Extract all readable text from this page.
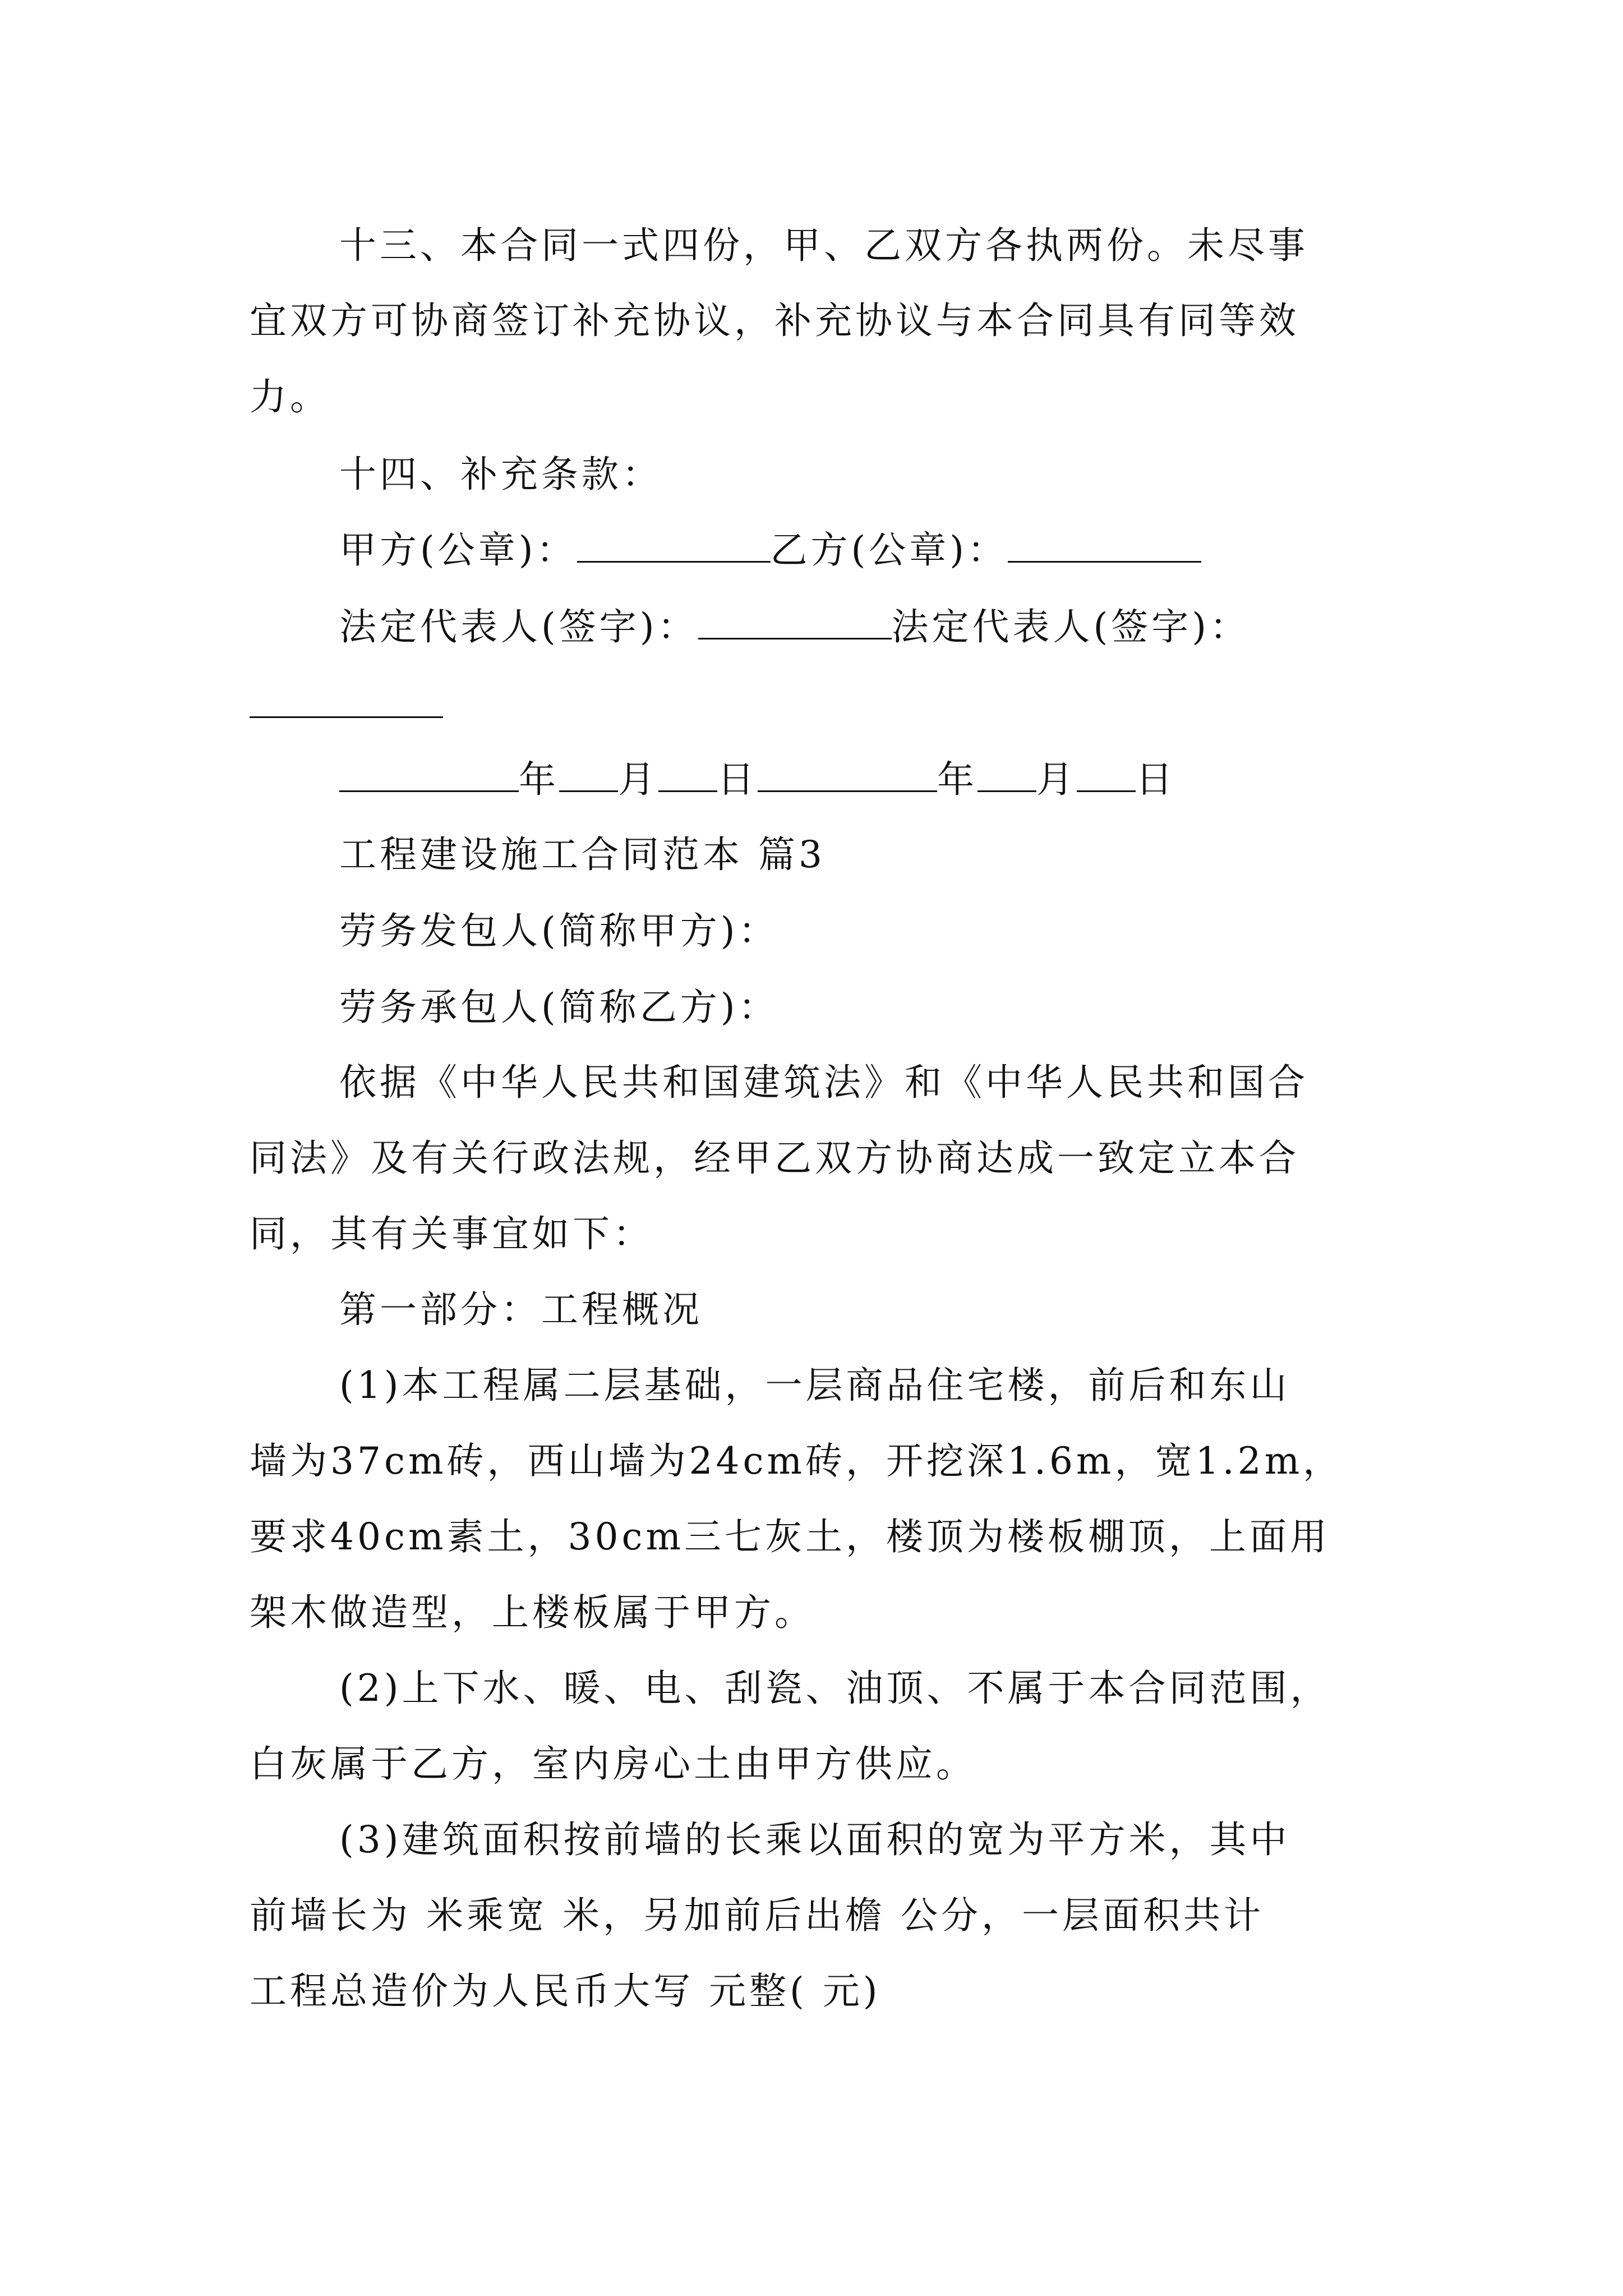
十三、本合同一式四份，甲、乙双方各执两份。未尽事
宜双方可协商签订补充协议，补充协议与本合同具有同等效
力。
十四、补充条款：
甲方(公章)：	乙方(公章)：
法定代表人(签字)：	法定代表人(签字)：
年 月 日	年 月 日
工程建设施工合同范本 篇3
劳务发包人(简称甲方)：
劳务承包人(简称乙方)：
依据《中华人民共和国建筑法》和《中华人民共和国合
同法》及有关行政法规，经甲乙双方协商达成一致定立本合
同，其有关事宜如下：
第一部分：工程概况
(1)本工程属二层基础，一层商品住宅楼，前后和东山
墙为37cm砖，西山墙为24cm砖，开挖深1.6m，宽1.2m，
要求40cm素土，30cm三七灰土，楼顶为楼板棚顶，上面用
架木做造型，上楼板属于甲方。
(2)上下水、暖、电、刮瓷、油顶、不属于本合同范围，
白灰属于乙方，室内房心土由甲方供应。
(3)建筑面积按前墙的长乘以面积的宽为平方米，其中
前墙长为 米乘宽 米，另加前后出檐 公分，一层面积共计
工程总造价为人民币大写 元整( 元)
